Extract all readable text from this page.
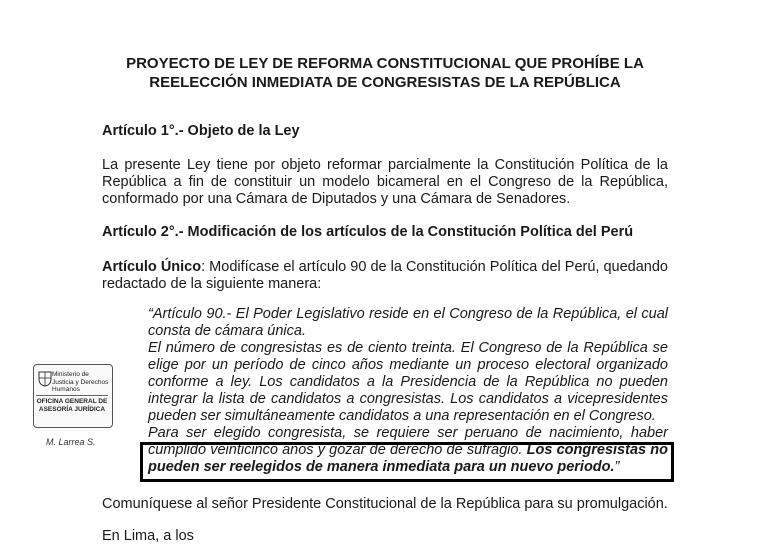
PROYECTO DE LEY DE REFORMA CONSTITUCIONAL QUE PROHÍBE LA
REELECCIÓN INMEDIATA DE CONGRESISTAS DE LA REPÚBLICA
Artículo 1°.- Objeto de la Ley
La presente Ley tiene por objeto reformar parcialmente la Constitución Política de la República a fin de constituir un modelo bicameral en el Congreso de la República, conformado por una Cámara de Diputados y una Cámara de Senadores.
Artículo 2°.- Modificación de los artículos de la Constitución Política del Perú
Artículo Único: Modifícase el artículo 90 de la Constitución Política del Perú, quedando redactado de la siguiente manera:
“Artículo 90.- El Poder Legislativo reside en el Congreso de la República, el cual consta de cámara única.
El número de congresistas es de ciento treinta. El Congreso de la República se elige por un período de cinco años mediante un proceso electoral organizado conforme a ley. Los candidatos a la Presidencia de la República no pueden integrar la lista de candidatos a congresistas. Los candidatos a vicepresidentes pueden ser simultáneamente candidatos a una representación en el Congreso.
Para ser elegido congresista, se requiere ser peruano de nacimiento, haber cumplido veinticinco años y gozar de derecho de sufragio. Los congresistas no pueden ser reelegidos de manera inmediata para un nuevo periodo.”
Comuníquese al señor Presidente Constitucional de la República para su promulgación.
En Lima, a los
Ministerio de Justicia y Derechos Humanos
OFICINA GENERAL DE ASESORÍA JURÍDICA
M. Larrea S.
